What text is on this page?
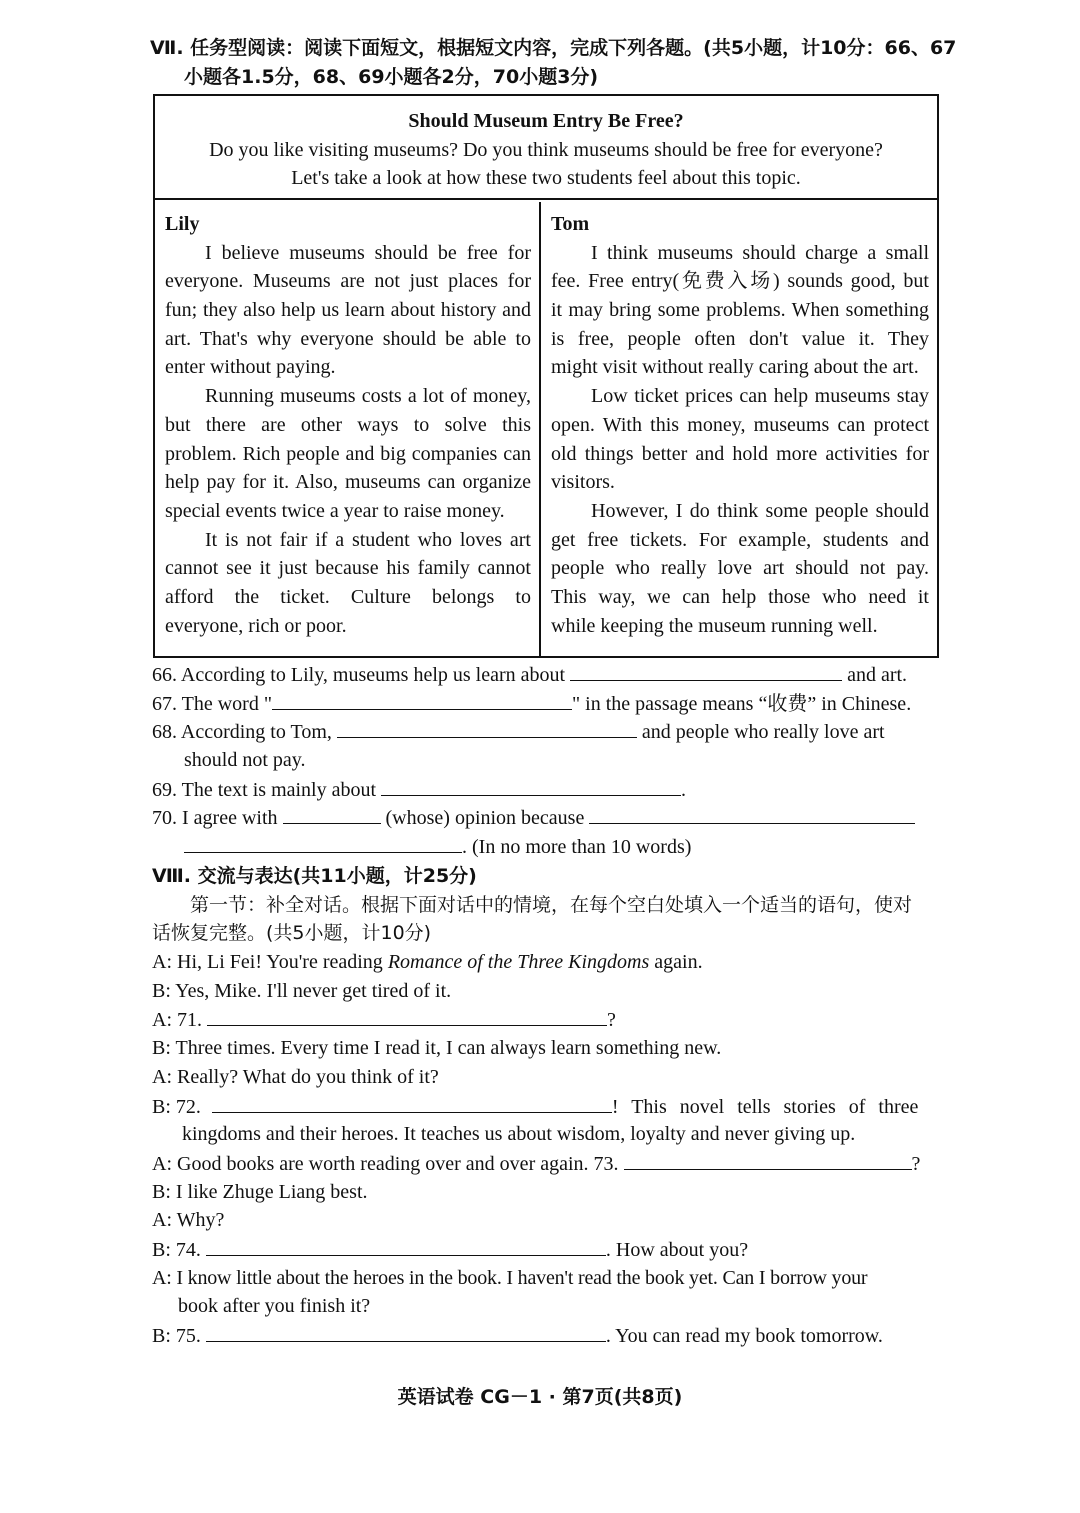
Ⅶ. 任务型阅读：阅读下面短文，根据短文内容，完成下列各题。(共5小题，计10分：66、67
小题各1.5分，68、69小题各2分，70小题3分)
Should Museum Entry Be Free?
Do you like visiting museums? Do you think museums should be free for everyone?
Let's take a look at how these two students feel about this topic.
Lily
I believe museums should be free for
everyone. Museums are not just places for
fun; they also help us learn about history and
art. That's why everyone should be able to
enter without paying.
Running museums costs a lot of money,
but there are other ways to solve this
problem. Rich people and big companies can
help pay for it. Also, museums can organize
special events twice a year to raise money.
It is not fair if a student who loves art
cannot see it just because his family cannot
afford the ticket. Culture belongs to
everyone, rich or poor.
Tom
I think museums should charge a small
fee. Free entry(免费入场) sounds good, but
it may bring some problems. When something
is free, people often don't value it. They
might visit without really caring about the art.
Low ticket prices can help museums stay
open. With this money, museums can protect
old things better and hold more activities for
visitors.
However, I do think some people should
get free tickets. For example, students and
people who really love art should not pay.
This way, we can help those who need it
while keeping the museum running well.
66. According to Lily, museums help us learn about	and art.
67. The word "	" in the passage means “收费” in Chinese.
68. According to Tom,	and people who really love art
should not pay.
69. The text is mainly about	.
70. I agree with	(whose) opinion because
. (In no more than 10 words)
Ⅷ. 交流与表达(共11小题，计25分)
第一节：补全对话。根据下面对话中的情境，在每个空白处填入一个适当的语句，使对
话恢复完整。(共5小题，计10分)
A: Hi, Li Fei! You're reading Romance of the Three Kingdoms again.
B: Yes, Mike. I'll never get tired of it.
A: 71.	?
B: Three times. Every time I read it, I can always learn something new.
A: Really? What do you think of it?
B: 72.	! This novel tells stories of three
kingdoms and their heroes. It teaches us about wisdom, loyalty and never giving up.
A: Good books are worth reading over and over again. 73.	?
B: I like Zhuge Liang best.
A: Why?
B: 74.	. How about you?
A: I know little about the heroes in the book. I haven't read the book yet. Can I borrow your
book after you finish it?
B: 75.	. You can read my book tomorrow.
英语试卷 CG－1 · 第7页(共8页)
